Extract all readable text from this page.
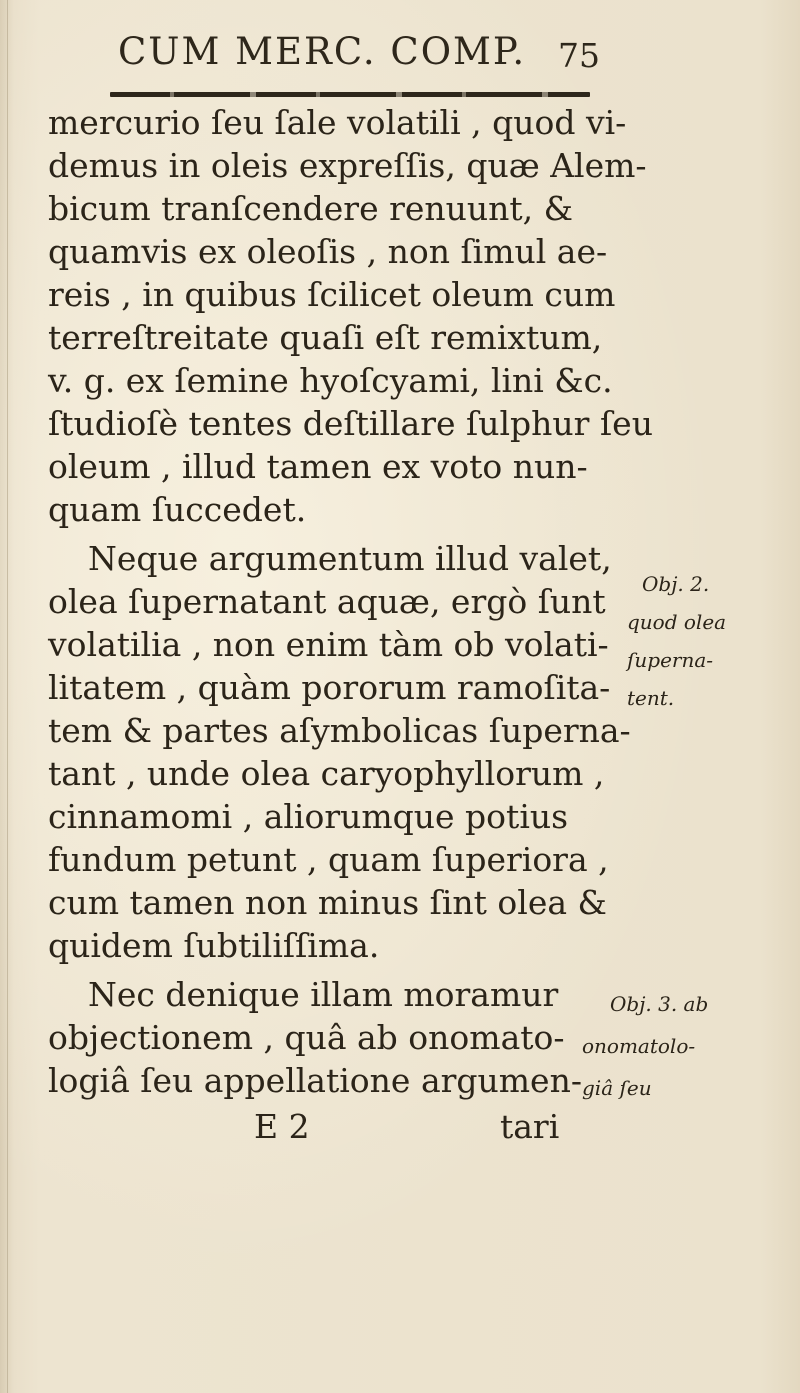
CUM MERC. COMP. 75
mercurio ſeu ſale volatili , quod vi-
demus in oleis expreſſis, quæ Alem-
bicum tranſcendere renuunt, &
quamvis ex oleoſis , non ſimul ae-
reis , in quibus ſcilicet oleum cum
terreſtreitate quaſi eſt remixtum,
v. g. ex ſemine hyoſcyami, lini &c.
ſtudioſè tentes deſtillare ſulphur ſeu
oleum , illud tamen ex voto nun-
quam ſuccedet.
Neque argumentum illud valet,
olea ſupernatant aquæ, ergò ſunt
volatilia , non enim tàm ob volati-
litatem , quàm pororum ramoſita-
tem & partes aſymbolicas ſuperna-
tant , unde olea caryophyllorum ,
cinnamomi , aliorumque potius
fundum petunt , quam ſuperiora ,
cum tamen non minus ſint olea &
quidem ſubtiliſſima.
Nec denique illam moramur
objectionem , quâ ab onomato-
logiâ ſeu appellatione argumen-
Obj. 2.
quod olea
ſuperna-
tent.
Obj. 3. ab
onomatolo-
giâ ſeu
E 2	tari
